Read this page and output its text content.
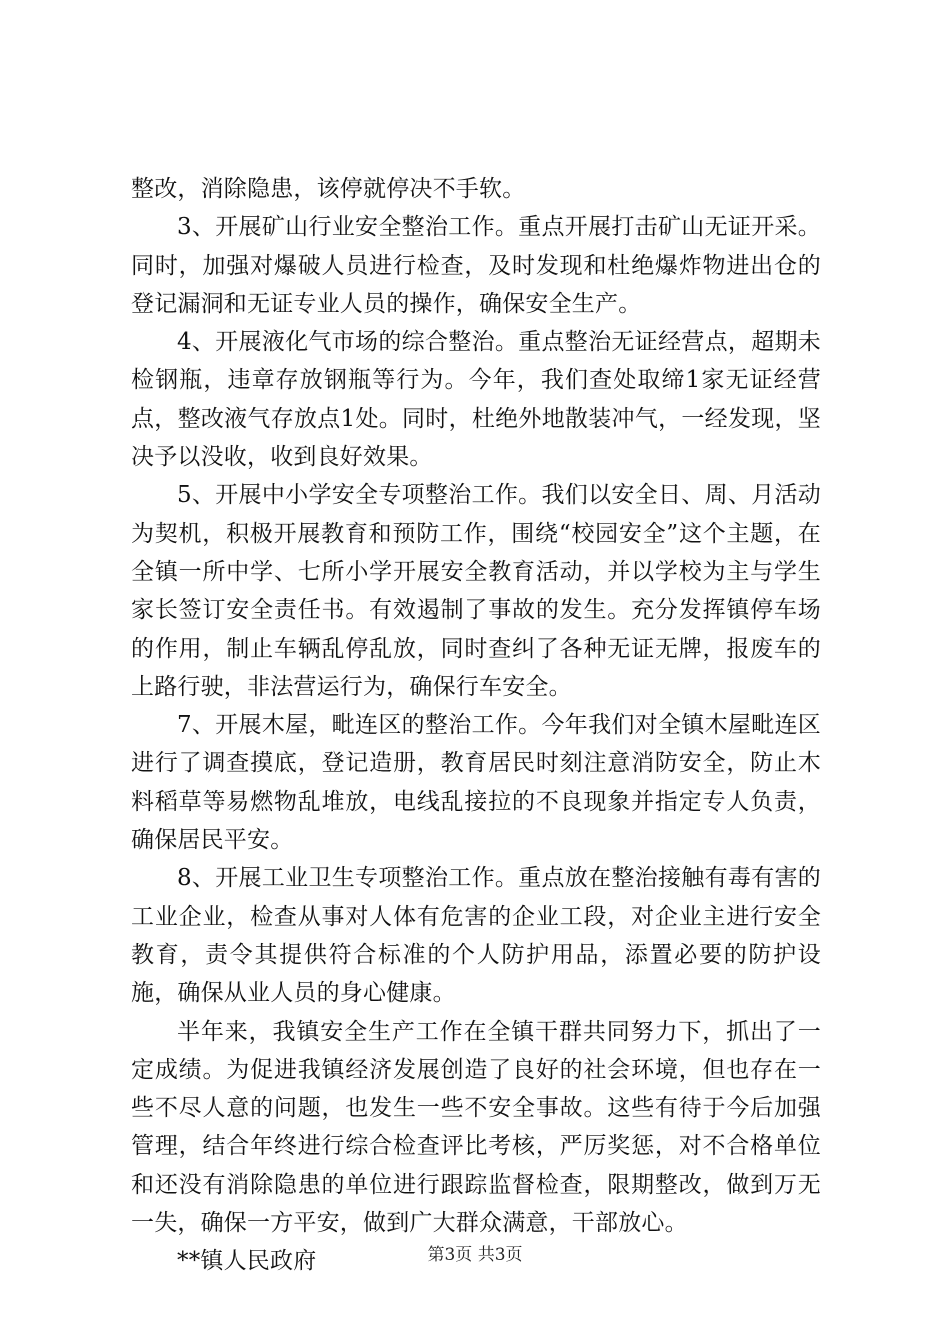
整改，消除隐患，该停就停决不手软。

3、开展矿山行业安全整治工作。重点开展打击矿山无证开采。同时，加强对爆破人员进行检查，及时发现和杜绝爆炸物进出仓的登记漏洞和无证专业人员的操作，确保安全生产。

4、开展液化气市场的综合整治。重点整治无证经营点，超期未检钢瓶，违章存放钢瓶等行为。今年，我们查处取缔1家无证经营点，整改液气存放点1处。同时，杜绝外地散装冲气，一经发现，坚决予以没收，收到良好效果。

5、开展中小学安全专项整治工作。我们以安全日、周、月活动为契机，积极开展教育和预防工作，围绕“校园安全”这个主题，在全镇一所中学、七所小学开展安全教育活动，并以学校为主与学生家长签订安全责任书。有效遏制了事故的发生。充分发挥镇停车场的作用，制止车辆乱停乱放，同时查纠了各种无证无牌，报废车的上路行驶，非法营运行为，确保行车安全。

7、开展木屋，毗连区的整治工作。今年我们对全镇木屋毗连区进行了调查摸底，登记造册，教育居民时刻注意消防安全，防止木料稻草等易燃物乱堆放，电线乱接拉的不良现象并指定专人负责，确保居民平安。

8、开展工业卫生专项整治工作。重点放在整治接触有毒有害的工业企业，检查从事对人体有危害的企业工段，对企业主进行安全教育，责令其提供符合标准的个人防护用品，添置必要的防护设施，确保从业人员的身心健康。

半年来，我镇安全生产工作在全镇干群共同努力下，抓出了一定成绩。为促进我镇经济发展创造了良好的社会环境，但也存在一些不尽人意的问题，也发生一些不安全事故。这些有待于今后加强管理，结合年终进行综合检查评比考核，严厉奖惩，对不合格单位和还没有消除隐患的单位进行跟踪监督检查，限期整改，做到万无一失，确保一方平安，做到广大群众满意，干部放心。

**镇人民政府	第3页 共3页
